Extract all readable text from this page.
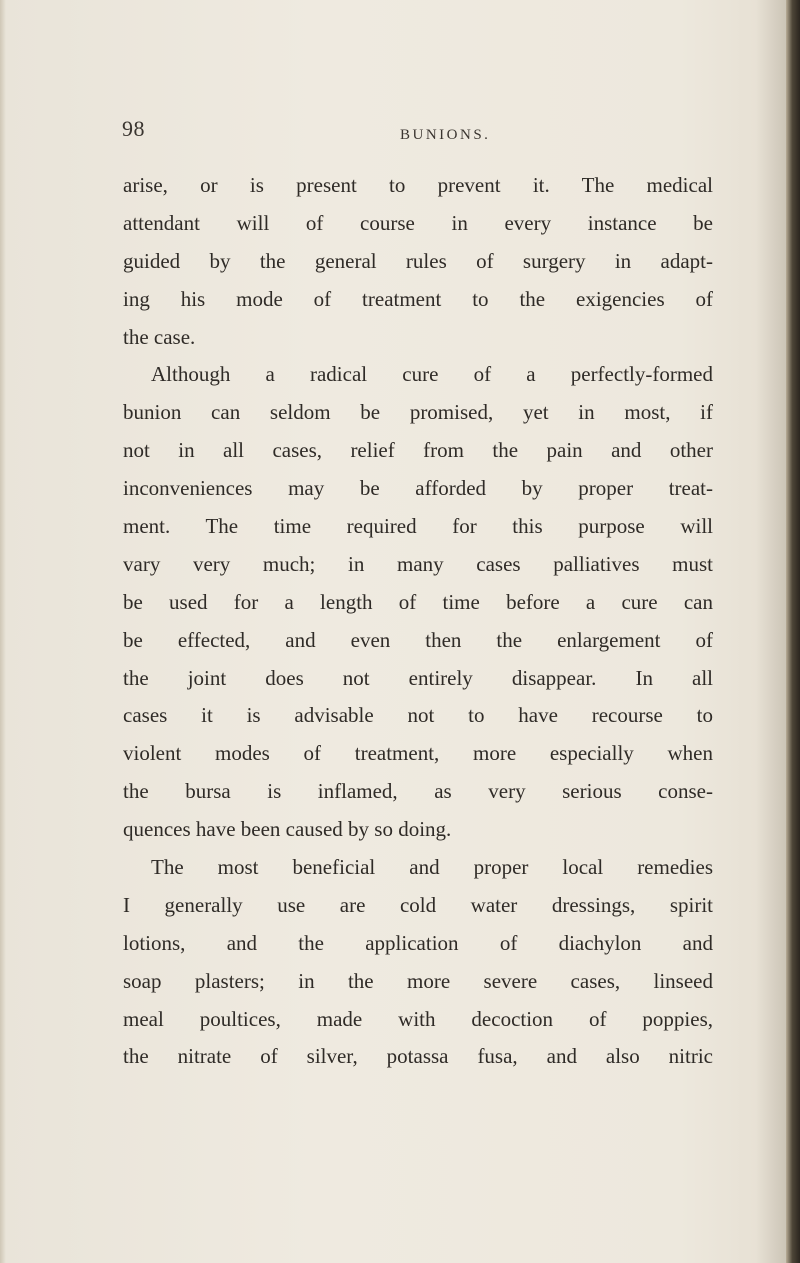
98	BUNIONS.
arise, or is present to prevent it. The medical
attendant will of course in every instance be
guided by the general rules of surgery in adapt-
ing his mode of treatment to the exigencies of
the case.
Although a radical cure of a perfectly-formed
bunion can seldom be promised, yet in most, if
not in all cases, relief from the pain and other
inconveniences may be afforded by proper treat-
ment. The time required for this purpose will
vary very much; in many cases palliatives must
be used for a length of time before a cure can
be effected, and even then the enlargement of
the joint does not entirely disappear. In all
cases it is advisable not to have recourse to
violent modes of treatment, more especially when
the bursa is inflamed, as very serious conse-
quences have been caused by so doing.
The most beneficial and proper local remedies
I generally use are cold water dressings, spirit
lotions, and the application of diachylon and
soap plasters; in the more severe cases, linseed
meal poultices, made with decoction of poppies,
the nitrate of silver, potassa fusa, and also nitric
